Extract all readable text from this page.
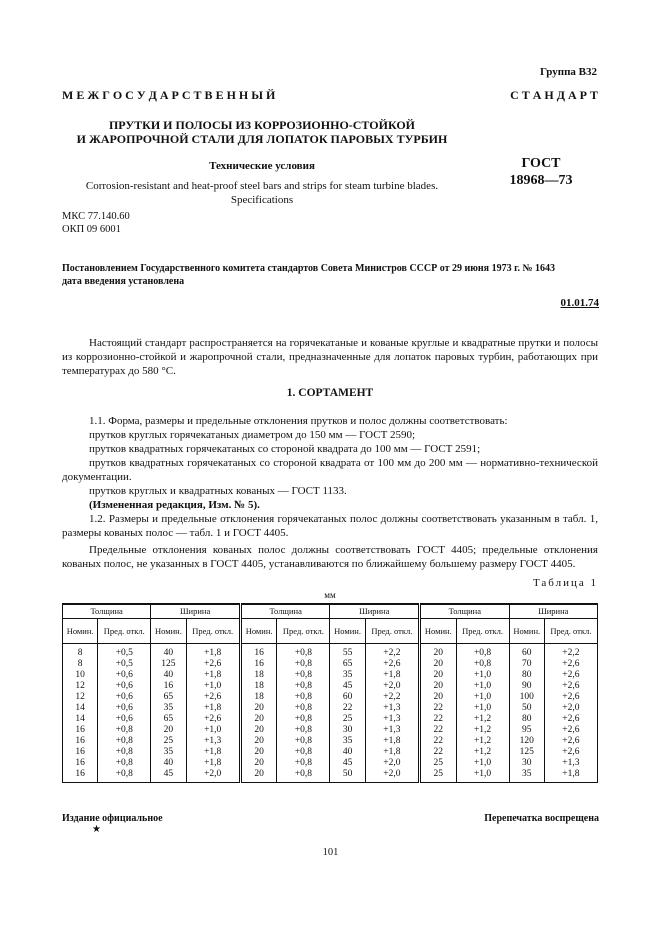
Группа В32
М Е Ж Г О С У Д А Р С Т В Е Н Н Ы Й	С Т А Н Д А Р Т
ПРУТКИ И ПОЛОСЫ ИЗ КОРРОЗИОННО-СТОЙКОЙ
И ЖАРОПРОЧНОЙ СТАЛИ ДЛЯ ЛОПАТОК ПАРОВЫХ ТУРБИН
Технические условия
Corrosion-resistant and heat-proof steel bars and strips for steam turbine blades.
Specifications
ГОСТ
18968—73
МКС 77.140.60
ОКП 09 6001
Постановлением Государственного комитета стандартов Совета Министров СССР от 29 июня 1973 г. № 1643
дата введения установлена
01.01.74
Настоящий стандарт распространяется на горячекатаные и кованые круглые и квадратные прутки и полосы из коррозионно-стойкой и жаропрочной стали, предназначенные для лопаток паровых турбин, работающих при температурах до 580 °С.
1. СОРТАМЕНТ
1.1. Форма, размеры и предельные отклонения прутков и полос должны соответствовать:
прутков круглых горячекатаных диаметром до 150 мм — ГОСТ 2590;
прутков квадратных горячекатаных со стороной квадрата до 100 мм — ГОСТ 2591;
прутков квадратных горячекатаных со стороной квадрата от 100 мм до 200 мм — нормативно-технической документации.
прутков круглых и квадратных кованых — ГОСТ 1133.
(Измененная редакция, Изм. № 5).
1.2. Размеры и предельные отклонения горячекатаных полос должны соответствовать указанным в табл. 1, размеры кованых полос — табл. 1 и ГОСТ 4405.
Предельные отклонения кованых полос должны соответствовать ГОСТ 4405; предельные отклонения кованых полос, не указанных в ГОСТ 4405, устанавливаются по ближайшему большему размеру ГОСТ 4405.
Таблица 1
мм
Толщина		Ширина		Толщина		Ширина		Толщина		Ширина	
Номин.	Пред. откл.	Номин.	Пред. откл.	Номин.	Пред. откл.	Номин.	Пред. откл.	Номин.	Пред. откл.	Номин.	Пред. откл.
8	+0,5	40	+1,8	16	+0,8	55	+2,2	20	+0,8	60	+2,2
8	+0,5	125	+2,6	16	+0,8	65	+2,6	20	+0,8	70	+2,6
10	+0,6	40	+1,8	18	+0,8	35	+1,8	20	+1,0	80	+2,6
12	+0,6	16	+1,0	18	+0,8	45	+2,0	20	+1,0	90	+2,6
12	+0,6	65	+2,6	18	+0,8	60	+2,2	20	+1,0	100	+2,6
14	+0,6	35	+1,8	20	+0,8	22	+1,3	22	+1,0	50	+2,0
14	+0,6	65	+2,6	20	+0,8	25	+1,3	22	+1,2	80	+2,6
16	+0,8	20	+1,0	20	+0,8	30	+1,3	22	+1,2	95	+2,6
16	+0,8	25	+1,3	20	+0,8	35	+1,8	22	+1,2	120	+2,6
16	+0,8	35	+1,8	20	+0,8	40	+1,8	22	+1,2	125	+2,6
16	+0,8	40	+1,8	20	+0,8	45	+2,0	25	+1,0	30	+1,3
16	+0,8	45	+2,0	20	+0,8	50	+2,0	25	+1,0	35	+1,8
Издание официальное
★
Перепечатка воспрещена
101
